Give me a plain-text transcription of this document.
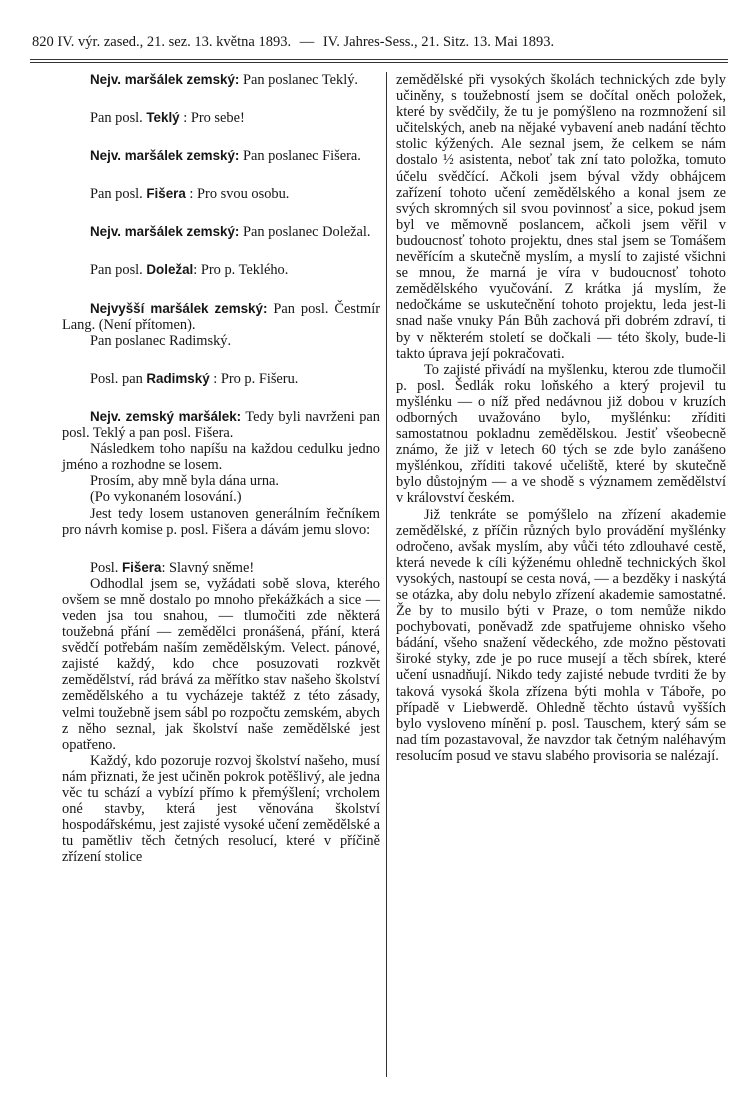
820 IV. výr. zased., 21. sez. 13. května 1893. — IV. Jahres-Sess., 21. Sitz. 13. Mai 1893.
Nejv. maršálek zemský: Pan poslanec Teklý.
Pan posl. Teklý : Pro sebe!
Nejv. maršálek zemský: Pan poslanec Fišera.
Pan posl. Fišera : Pro svou osobu.
Nejv. maršálek zemský: Pan poslanec Doležal.
Pan posl. Doležal: Pro p. Teklého.
Nejvyšší maršálek zemský: Pan posl. Čestmír Lang. (Není přítomen).
Pan poslanec Radimský.
Posl. pan Radimský : Pro p. Fišeru.
Nejv. zemský maršálek: Tedy byli navrženi pan posl. Teklý a pan posl. Fišera.
Následkem toho napíšu na každou cedulku jedno jméno a rozhodne se losem.
Prosím, aby mně byla dána urna.
(Po vykonaném losování.)
Jest tedy losem ustanoven generálním řečníkem pro návrh komise p. posl. Fišera a dávám jemu slovo:
Posl. Fišera: Slavný sněme!
Odhodlal jsem se, vyžádati sobě slova, kterého ovšem se mně dostalo po mnoho překážkách a sice — veden jsa tou snahou, — tlumočiti zde některá toužebná přání — zemědělci pronášená, přání, která svědčí potřebám naším zemědělským. Velect. pánové, zajisté každý, kdo chce posuzovati rozkvět zemědělství, rád brává za měřítko stav našeho školství zemědělského a tu vycházeje taktéž z této zásady, velmi toužebně jsem sábl po rozpočtu zemském, abych z něho seznal, jak školství naše zemědělské jest opatřeno.
Každý, kdo pozoruje rozvoj školství našeho, musí nám přiznati, že jest učiněn pokrok potěšlivý, ale jedna věc tu schází a vybízí přímo k přemýšlení; vrcholem oné stavby, která jest věnována školství hospodářskému, jest zajisté vysoké učení zemědělské a tu pamětliv těch četných resolucí, které v příčině zřízení stolice
zemědělské při vysokých školách technických zde byly učiněny, s toužebností jsem se dočítal oněch položek, které by svědčily, že tu je pomýšleno na rozmnožení sil učitelských, aneb na nějaké vybavení aneb nadání těchto stolic kýžených. Ale seznal jsem, že celkem se nám dostalo ½ asistenta, neboť tak zní tato položka, tomuto účelu svědčící. Ačkoli jsem býval vždy obhájcem zařízení tohoto učení zemědělského a konal jsem ze svých skromných sil svou povinnosť a sice, pokud jsem byl ve měmovně poslancem, ačkoli jsem věřil v budoucnosť tohoto projektu, dnes stal jsem se Tomášem nevěřícím a skutečně myslím, a myslí to zajisté všichni se mnou, že marná je víra v budoucnosť tohoto zemědělského vyučování. Z krátka já myslím, že nedočkáme se uskutečnění tohoto projektu, leda jest-li snad naše vnuky Pán Bůh zachová při dobrém zdraví, ti by v některém století se dočkali — této školy, bude-li takto úprava její pokračovati.
To zajisté přivádí na myšlenku, kterou zde tlumočil p. posl. Šedlák roku loňského a který projevil tu myšlénku — o níž před nedávnou již dobou v kruzích odborných uvažováno bylo, myšlénku: zříditi samostatnou pokladnu zemědělskou. Jestiť všeobecně známo, že již v letech 60 tých se zde bylo zanášeno myšlénkou, zříditi takové učeliště, které by skutečně bylo důstojným — a ve shodě s významem zemědělství v království českém.
Již tenkráte se pomýšlelo na zřízení akademie zemědělské, z příčin různých bylo provádění myšlénky odročeno, avšak myslím, aby vůči této zdlouhavé cestě, která nevede k cíli kýženému ohledně technických škol vysokých, nastoupí se cesta nová, — a bezděky i naskýtá se otázka, aby dolu nebylo zřízení akademie samostatné. Že by to musilo býti v Praze, o tom nemůže nikdo pochybovati, poněvadž zde spatřujeme ohnisko všeho bádání, všeho snažení vědeckého, zde možno pěstovati široké styky, zde je po ruce musejí a těch sbírek, které učení usnadňují. Nikdo tedy zajisté nebude tvrditi že by taková vysoká škola zřízena býti mohla v Táboře, po případě v Liebwerdě. Ohledně těchto ústavů vyšších bylo vysloveno mínění p. posl. Tauschem, který sám se nad tím pozastavoval, že navzdor tak četným naléhavým resolucím posud ve stavu slabého provisoria se nalézají.
